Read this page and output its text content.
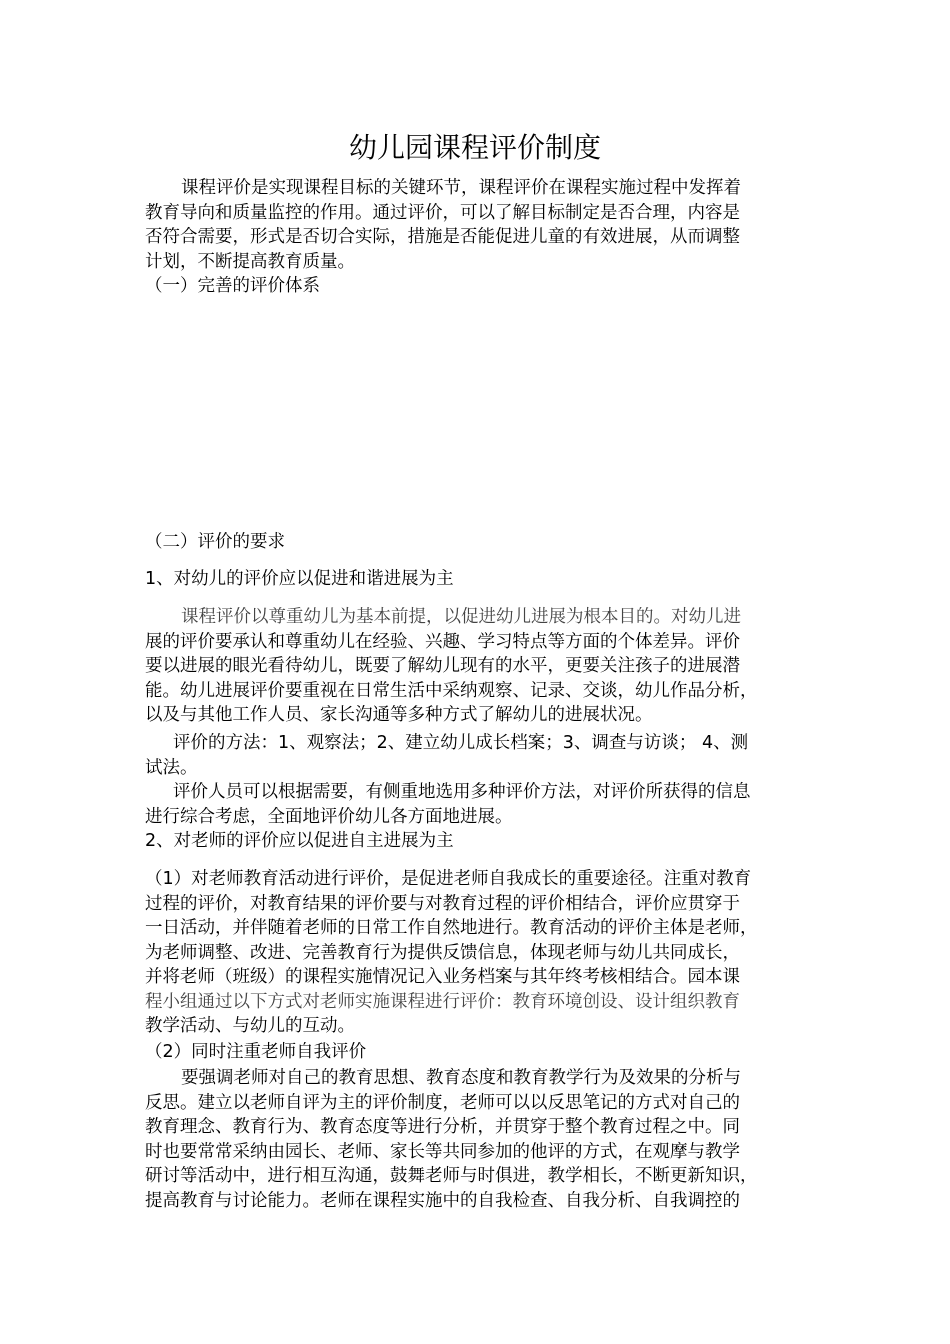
幼儿园课程评价制度
课程评价是实现课程目标的关键环节，课程评价在课程实施过程中发挥着
教育导向和质量监控的作用。通过评价，可以了解目标制定是否合理，内容是
否符合需要，形式是否切合实际，措施是否能促进儿童的有效进展，从而调整
计划，不断提高教育质量。
（一）完善的评价体系
（二）评价的要求
1、对幼儿的评价应以促进和谐进展为主
课程评价以尊重幼儿为基本前提，以促进幼儿进展为根本目的。对幼儿进
展的评价要承认和尊重幼儿在经验、兴趣、学习特点等方面的个体差异。评价
要以进展的眼光看待幼儿，既要了解幼儿现有的水平，更要关注孩子的进展潜
能。幼儿进展评价要重视在日常生活中采纳观察、记录、交谈，幼儿作品分析，
以及与其他工作人员、家长沟通等多种方式了解幼儿的进展状况。
评价的方法：1、观察法；2、建立幼儿成长档案；3、调查与访谈； 4、测
试法。
评价人员可以根据需要，有侧重地选用多种评价方法，对评价所获得的信息
进行综合考虑，全面地评价幼儿各方面地进展。
2、对老师的评价应以促进自主进展为主
（1）对老师教育活动进行评价，是促进老师自我成长的重要途径。注重对教育
过程的评价，对教育结果的评价要与对教育过程的评价相结合，评价应贯穿于
一日活动，并伴随着老师的日常工作自然地进行。教育活动的评价主体是老师，
为老师调整、改进、完善教育行为提供反馈信息，体现老师与幼儿共同成长，
并将老师（班级）的课程实施情况记入业务档案与其年终考核相结合。园本课
程小组通过以下方式对老师实施课程进行评价：教育环境创设、设计组织教育
教学活动、与幼儿的互动。
（2）同时注重老师自我评价
要强调老师对自己的教育思想、教育态度和教育教学行为及效果的分析与
反思。建立以老师自评为主的评价制度，老师可以以反思笔记的方式对自己的
教育理念、教育行为、教育态度等进行分析，并贯穿于整个教育过程之中。同
时也要常常采纳由园长、老师、家长等共同参加的他评的方式，在观摩与教学
研讨等活动中，进行相互沟通，鼓舞老师与时俱进，教学相长，不断更新知识，
提高教育与讨论能力。老师在课程实施中的自我检查、自我分析、自我调控的
